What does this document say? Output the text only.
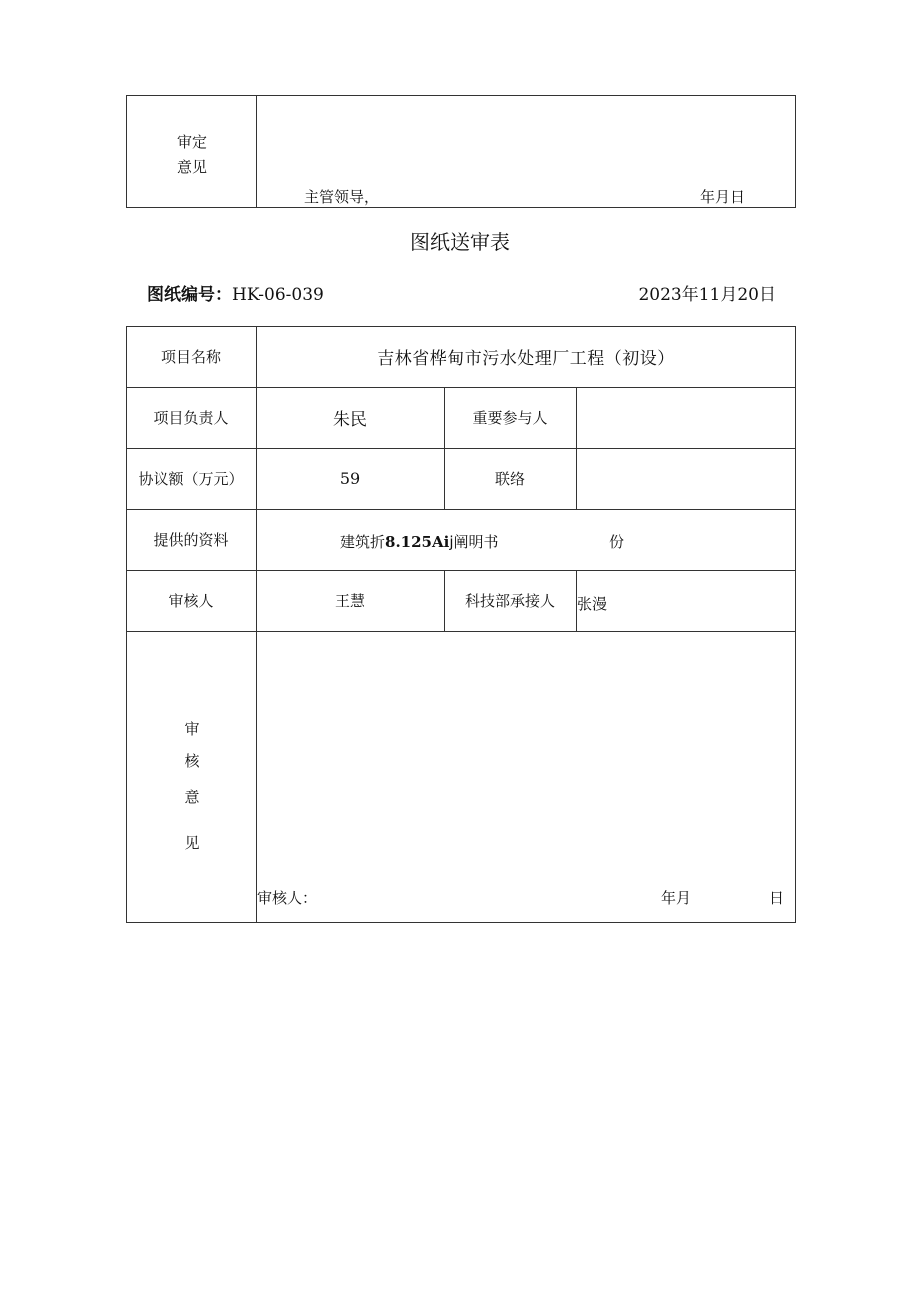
审定
意见
主管领导，	年月日
图纸送审表
图纸编号：HK-06-039	2023年11月20日
项目名称	吉林省桦甸市污水处理厂工程（初设）
项目负责人	朱民	重要参与人
协议额（万元）	59	联络
提供的资料	建筑折8.125Aij阐明书	份
审核人	王慧	科技部承接人	张漫
审
核
意
见
审核人：	年月	日
